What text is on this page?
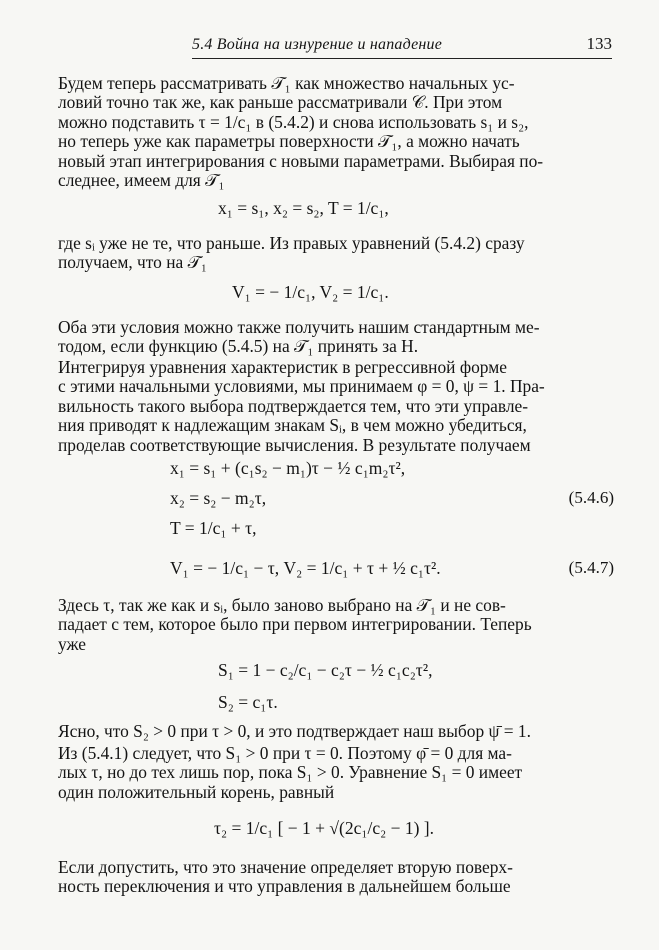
5.4 Война на изнурение и нападение	133
Будем теперь рассматривать 𝒯₁ как множество начальных ус-
ловий точно так же, как раньше рассматривали 𝒞. При этом
можно подставить τ = 1/c₁ в (5.4.2) и снова использовать s₁ и s₂,
но теперь уже как параметры поверхности 𝒯₁, а можно начать
новый этап интегрирования с новыми параметрами. Выбирая по-
следнее, имеем для 𝒯₁
x₁ = s₁, x₂ = s₂, T = 1/c₁,
где sᵢ уже не те, что раньше. Из правых уравнений (5.4.2) сразу
получаем, что на 𝒯₁
V₁ = − 1/c₁, V₂ = 1/c₁.
Оба эти условия можно также получить нашим стандартным ме-
тодом, если функцию (5.4.5) на 𝒯₁ принять за H.
Интегрируя уравнения характеристик в регрессивной форме
с этими начальными условиями, мы принимаем φ = 0, ψ = 1. Пра-
вильность такого выбора подтверждается тем, что эти управле-
ния приводят к надлежащим знакам Sᵢ, в чем можно убедиться,
проделав соответствующие вычисления. В результате получаем
x₁ = s₁ + (c₁s₂ − m₁)τ − ½ c₁m₂τ²,
x₂ = s₂ − m₂τ,	(5.4.6)
T = 1/c₁ + τ,
V₁ = − 1/c₁ − τ, V₂ = 1/c₁ + τ + ½ c₁τ².	(5.4.7)
Здесь τ, так же как и sᵢ, было заново выбрано на 𝒯₁ и не сов-
падает с тем, которое было при первом интегрировании. Теперь
уже
S₁ = 1 − c₂/c₁ − c₂τ − ½ c₁c₂τ²,
S₂ = c₁τ.
Ясно, что S₂ > 0 при τ > 0, и это подтверждает наш выбор ψ̄ = 1.
Из (5.4.1) следует, что S₁ > 0 при τ = 0. Поэтому φ̄ = 0 для ма-
лых τ, но до тех лишь пор, пока S₁ > 0. Уравнение S₁ = 0 имеет
один положительный корень, равный
τ₂ = 1/c₁ [ − 1 + √(2c₁/c₂ − 1) ].
Если допустить, что это значение определяет вторую поверх-
ность переключения и что управления в дальнейшем больше
